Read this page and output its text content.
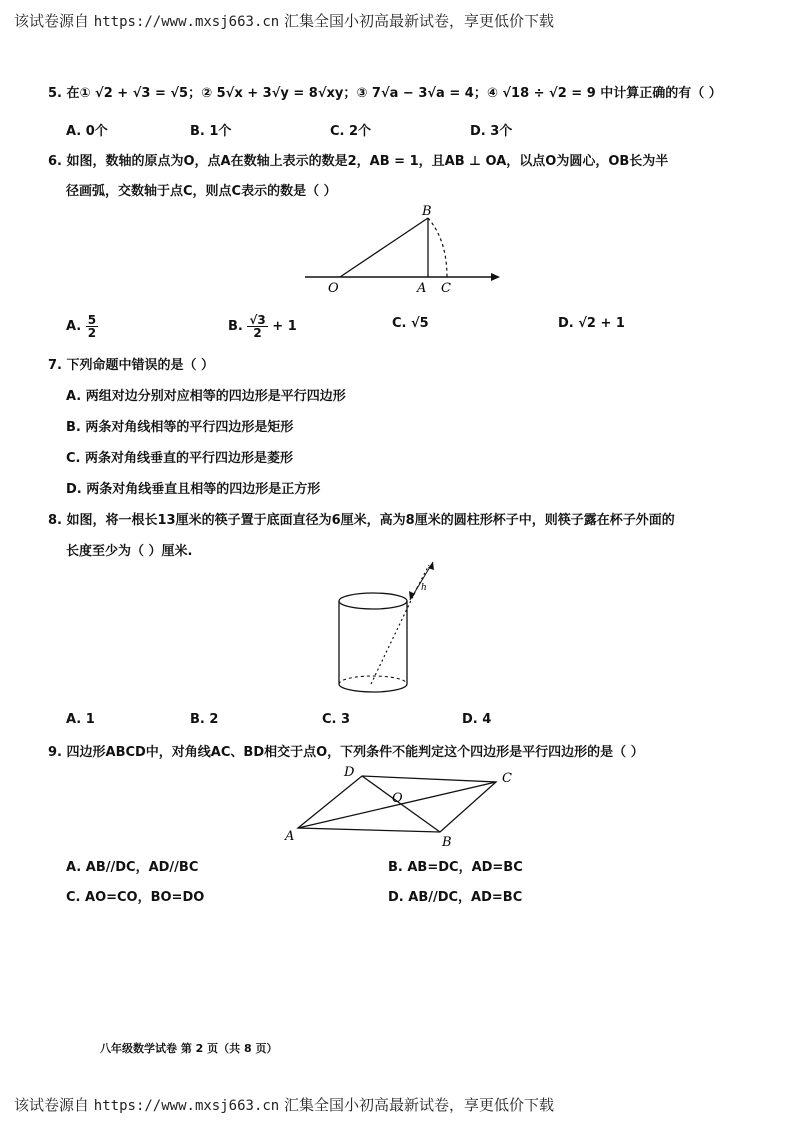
该试卷源自 https://www.mxsj663.cn 汇集全国小初高最新试卷，享更低价下载
5. 在① √2 + √3 = √5；② 5√x + 3√y = 8√xy；③ 7√a − 3√a = 4；④ √18 ÷ √2 = 9 中计算正确的有（ ）
A. 0个	B. 1个	C. 2个	D. 3个
6. 如图，数轴的原点为O，点A在数轴上表示的数是2，AB = 1，且AB ⊥ OA，以点O为圆心，OB长为半
径画弧，交数轴于点C，则点C表示的数是（ ）
B
O	A C
A. $\frac{5}{2}$	B. $\frac{√3}{2} + 1$	C. √5	D. √2 + 1
7. 下列命题中错误的是（ ）
A. 两组对边分别对应相等的四边形是平行四边形
B. 两条对角线相等的平行四边形是矩形
C. 两条对角线垂直的平行四边形是菱形
D. 两条对角线垂直且相等的四边形是正方形
8. 如图，将一根长13厘米的筷子置于底面直径为6厘米，高为8厘米的圆柱形杯子中，则筷子露在杯子外面的
长度至少为（ ）厘米.
h
A. 1	B. 2	C. 3	D. 4
9. 四边形ABCD中，对角线AC、BD相交于点O，下列条件不能判定这个四边形是平行四边形的是（ ）
A	B
C
D
O
A. AB//DC，AD//BC	B. AB=DC，AD=BC
C. AO=CO，BO=DO	D. AB//DC，AD=BC
八年级数学试卷 第 2 页（共 8 页）
该试卷源自 https://www.mxsj663.cn 汇集全国小初高最新试卷，享更低价下载
